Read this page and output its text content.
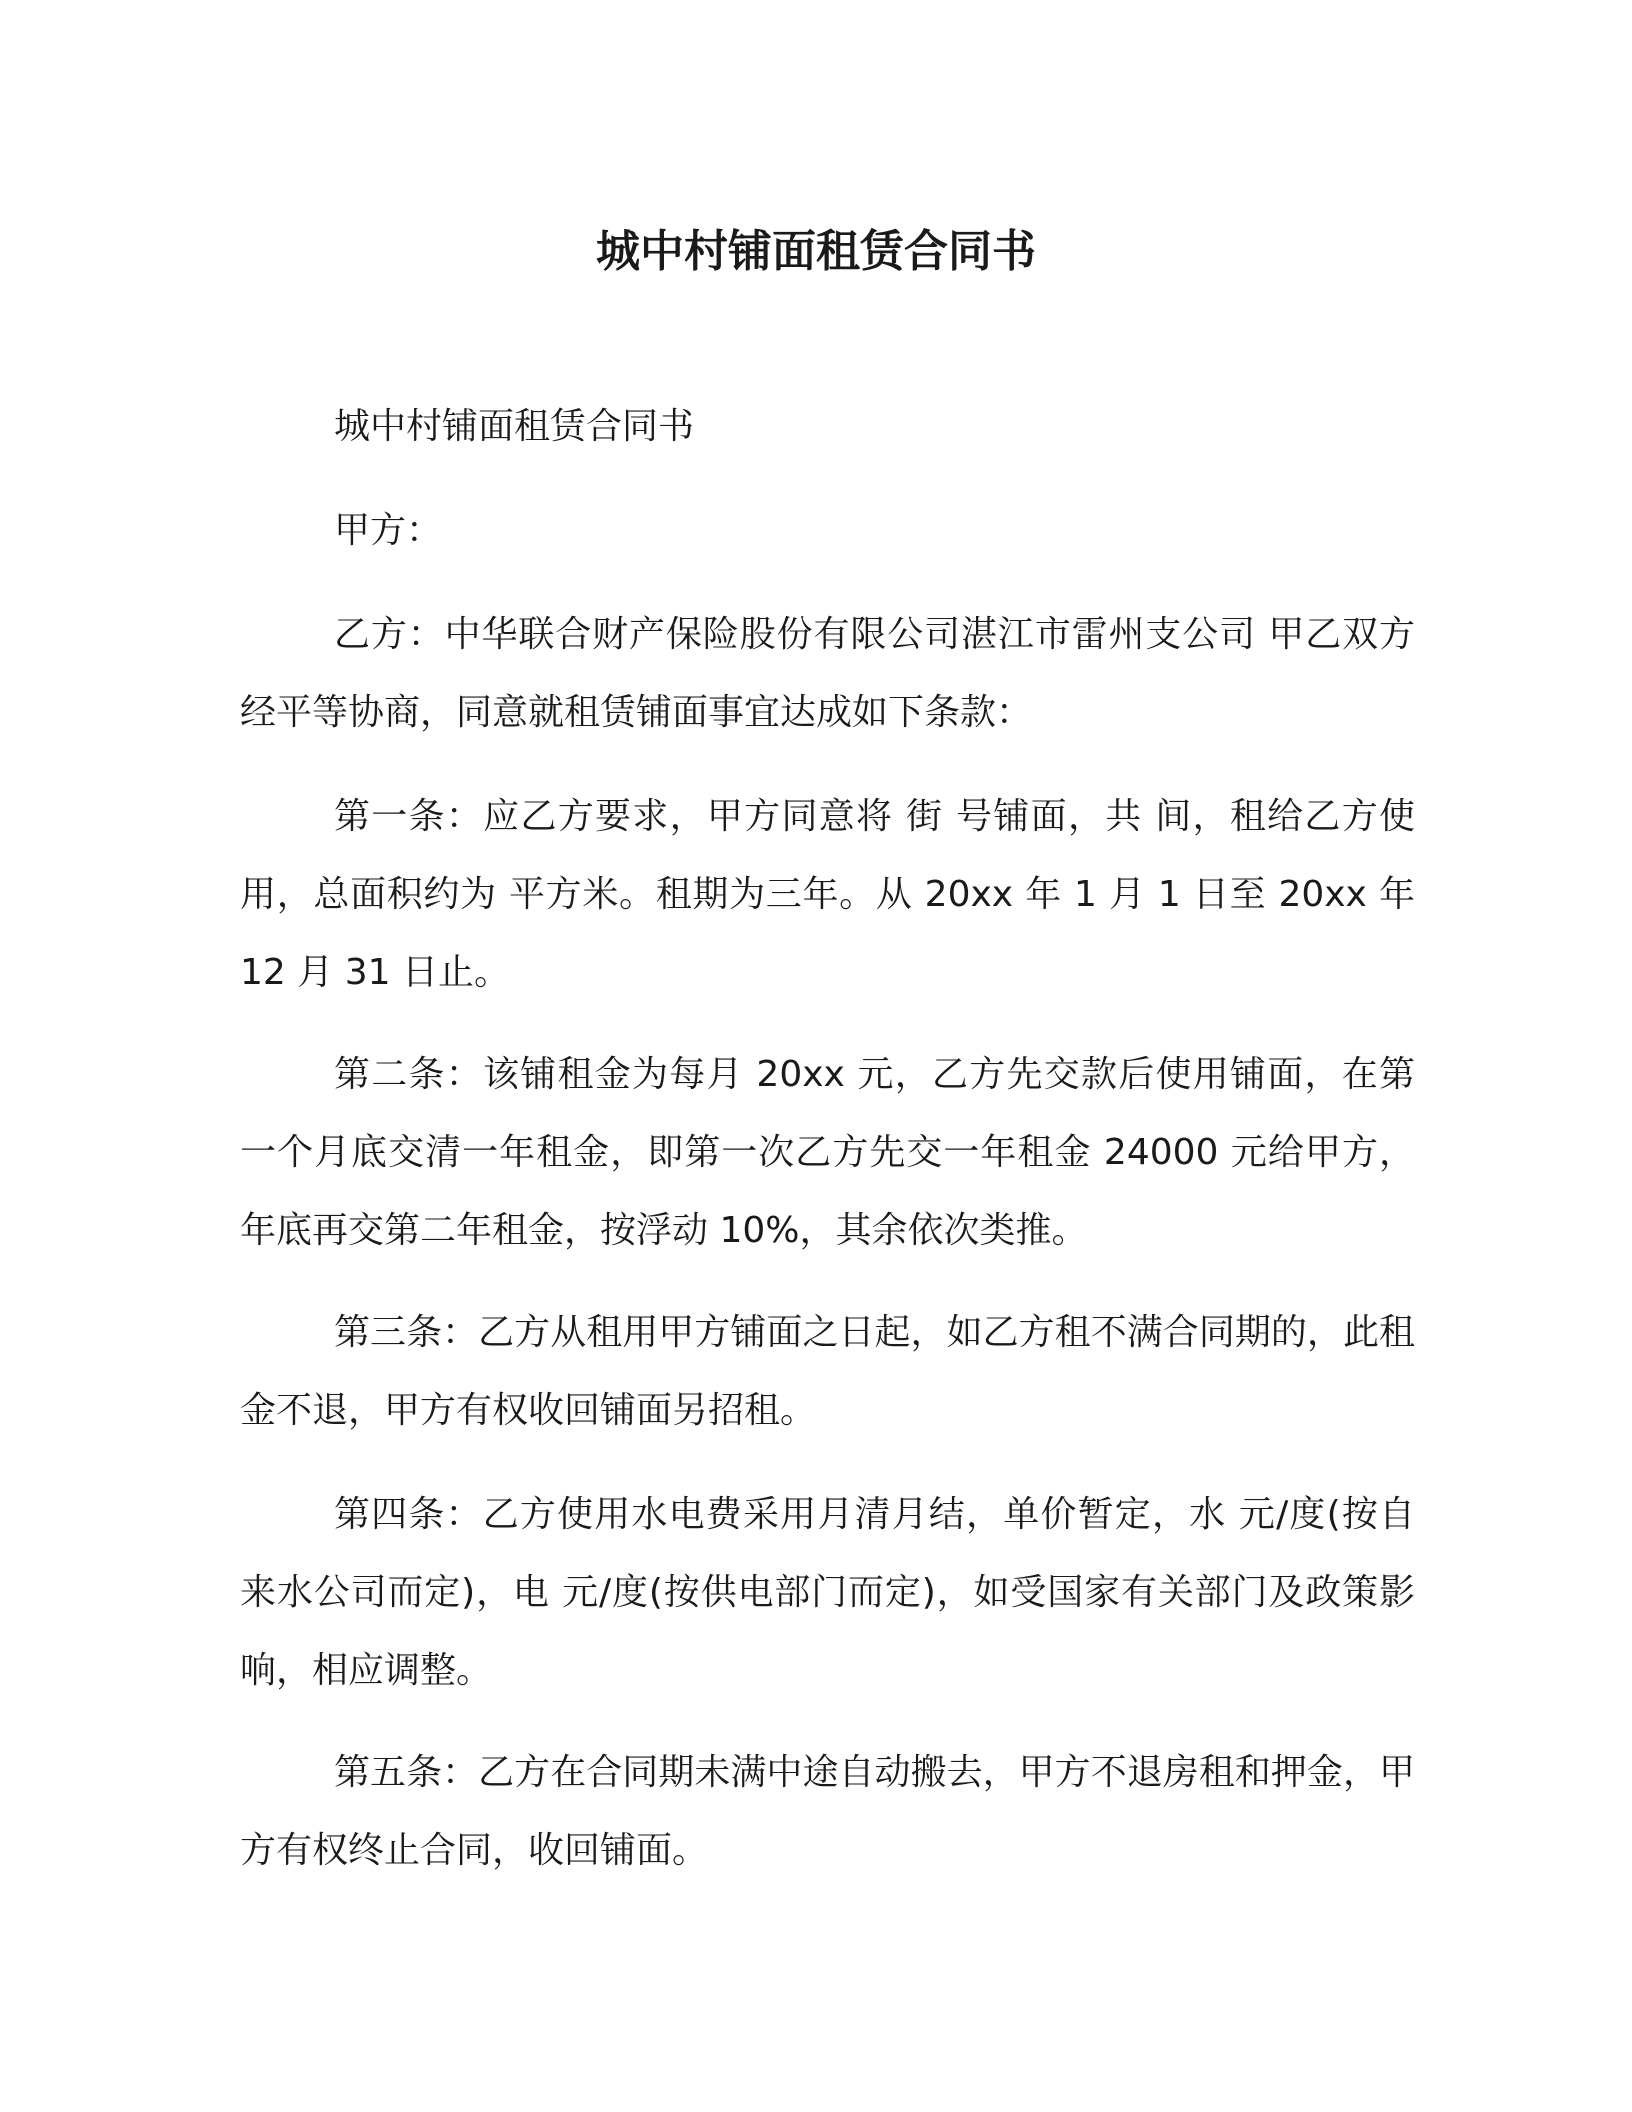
城中村铺面租赁合同书

城中村铺面租赁合同书

甲方：

乙方：中华联合财产保险股份有限公司湛江市雷州支公司 甲乙双方经平等协商，同意就租赁铺面事宜达成如下条款：

第一条：应乙方要求，甲方同意将 街 号铺面，共 间，租给乙方使用，总面积约为 平方米。租期为三年。从 20xx 年 1 月 1 日至 20xx 年 12 月 31 日止。

第二条：该铺租金为每月 20xx 元，乙方先交款后使用铺面，在第一个月底交清一年租金，即第一次乙方先交一年租金 24000 元给甲方，年底再交第二年租金，按浮动 10%，其余依次类推。

第三条：乙方从租用甲方铺面之日起，如乙方租不满合同期的，此租金不退，甲方有权收回铺面另招租。

第四条：乙方使用水电费采用月清月结，单价暂定，水 元/度(按自来水公司而定)，电 元/度(按供电部门而定)，如受国家有关部门及政策影响，相应调整。

第五条：乙方在合同期未满中途自动搬去，甲方不退房租和押金，甲方有权终止合同，收回铺面。
